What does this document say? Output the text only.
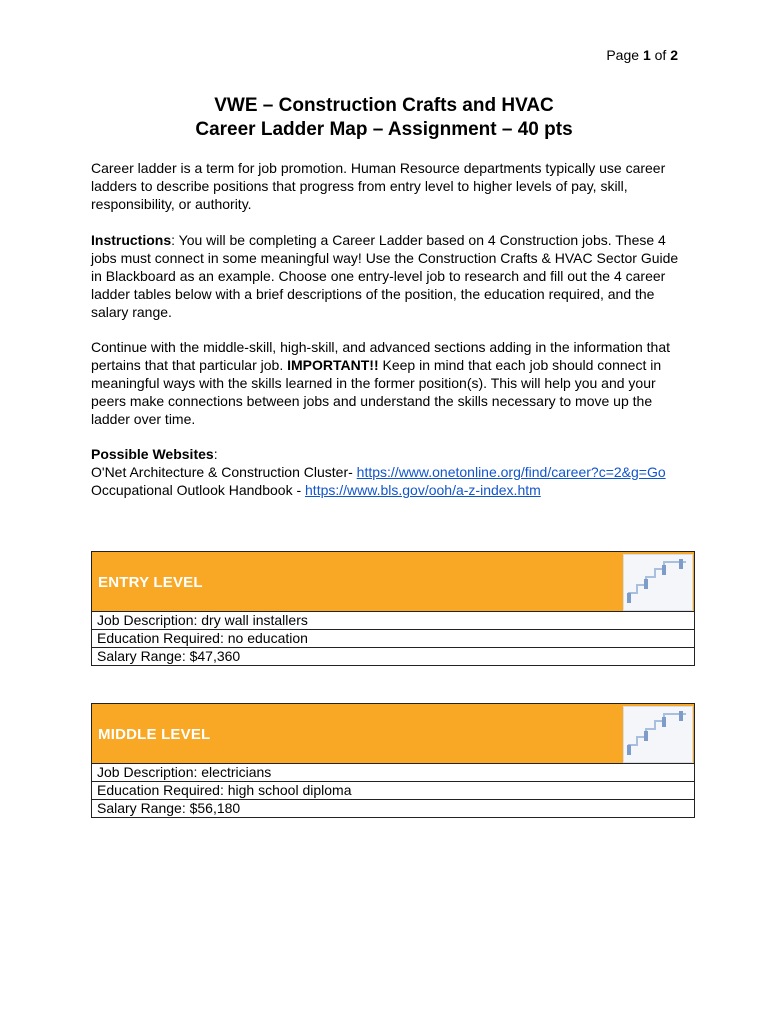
Page 1 of 2
VWE – Construction Crafts and HVAC
Career Ladder Map – Assignment – 40 pts
Career ladder is a term for job promotion. Human Resource departments typically use career ladders to describe positions that progress from entry level to higher levels of pay, skill, responsibility, or authority.
Instructions: You will be completing a Career Ladder based on 4 Construction jobs. These 4 jobs must connect in some meaningful way! Use the Construction Crafts & HVAC Sector Guide in Blackboard as an example. Choose one entry-level job to research and fill out the 4 career ladder tables below with a brief descriptions of the position, the education required, and the salary range.
Continue with the middle-skill, high-skill, and advanced sections adding in the information that pertains that that particular job. IMPORTANT!! Keep in mind that each job should connect in meaningful ways with the skills learned in the former position(s). This will help you and your peers make connections between jobs and understand the skills necessary to move up the ladder over time.
Possible Websites:
O'Net Architecture & Construction Cluster- https://www.onetonline.org/find/career?c=2&g=Go
Occupational Outlook Handbook - https://www.bls.gov/ooh/a-z-index.htm
ENTRY LEVEL
Job Description: dry wall installers
Education Required: no education
Salary Range: $47,360
MIDDLE LEVEL
Job Description: electricians
Education Required: high school diploma
Salary Range: $56,180
